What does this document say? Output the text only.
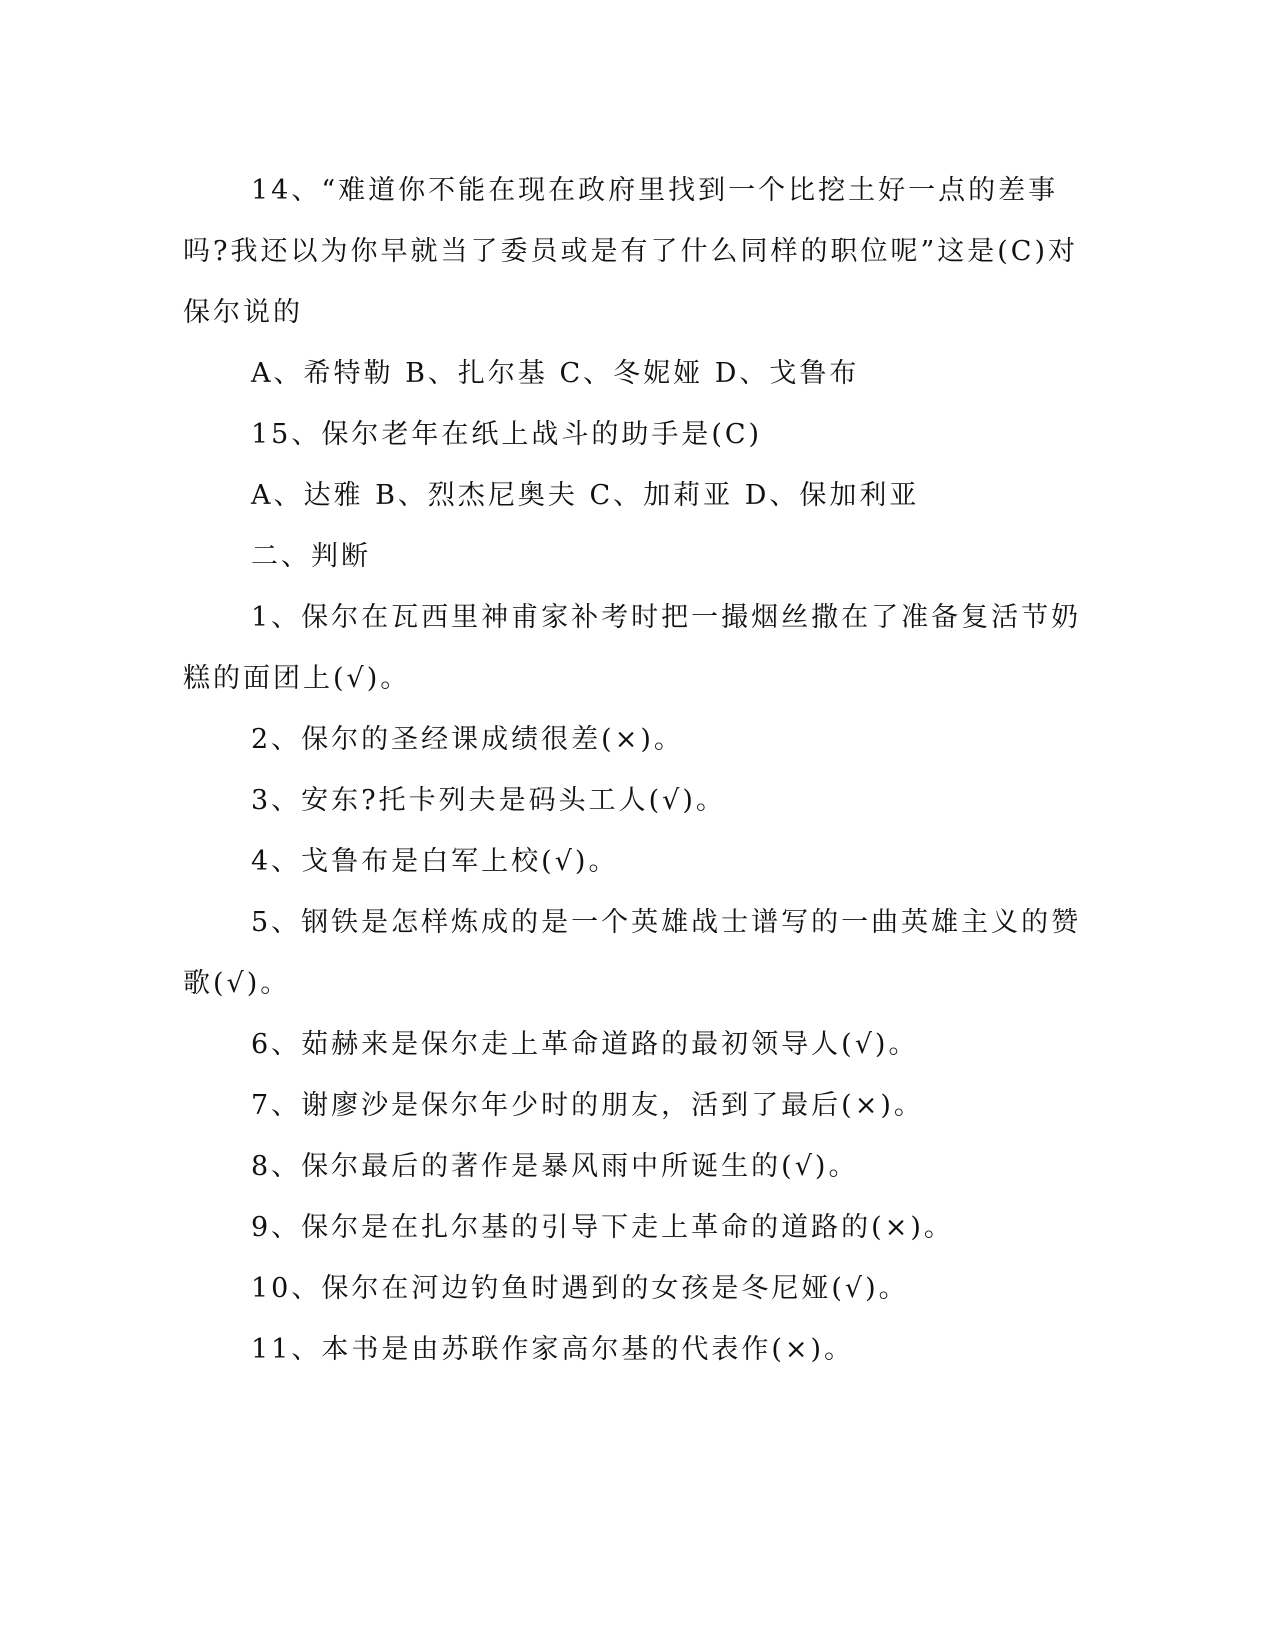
14、“难道你不能在现在政府里找到一个比挖土好一点的差事吗?我还以为你早就当了委员或是有了什么同样的职位呢”这是(C)对保尔说的

A、希特勒 B、扎尔基 C、冬妮娅 D、戈鲁布

15、保尔老年在纸上战斗的助手是(C)

A、达雅 B、烈杰尼奥夫 C、加莉亚 D、保加利亚

二、判断

1、保尔在瓦西里神甫家补考时把一撮烟丝撒在了准备复活节奶糕的面团上(√)。

2、保尔的圣经课成绩很差(×)。

3、安东?托卡列夫是码头工人(√)。

4、戈鲁布是白军上校(√)。

5、钢铁是怎样炼成的是一个英雄战士谱写的一曲英雄主义的赞歌(√)。

6、茹赫来是保尔走上革命道路的最初领导人(√)。

7、谢廖沙是保尔年少时的朋友，活到了最后(×)。

8、保尔最后的著作是暴风雨中所诞生的(√)。

9、保尔是在扎尔基的引导下走上革命的道路的(×)。

10、保尔在河边钓鱼时遇到的女孩是冬尼娅(√)。

11、本书是由苏联作家高尔基的代表作(×)。
